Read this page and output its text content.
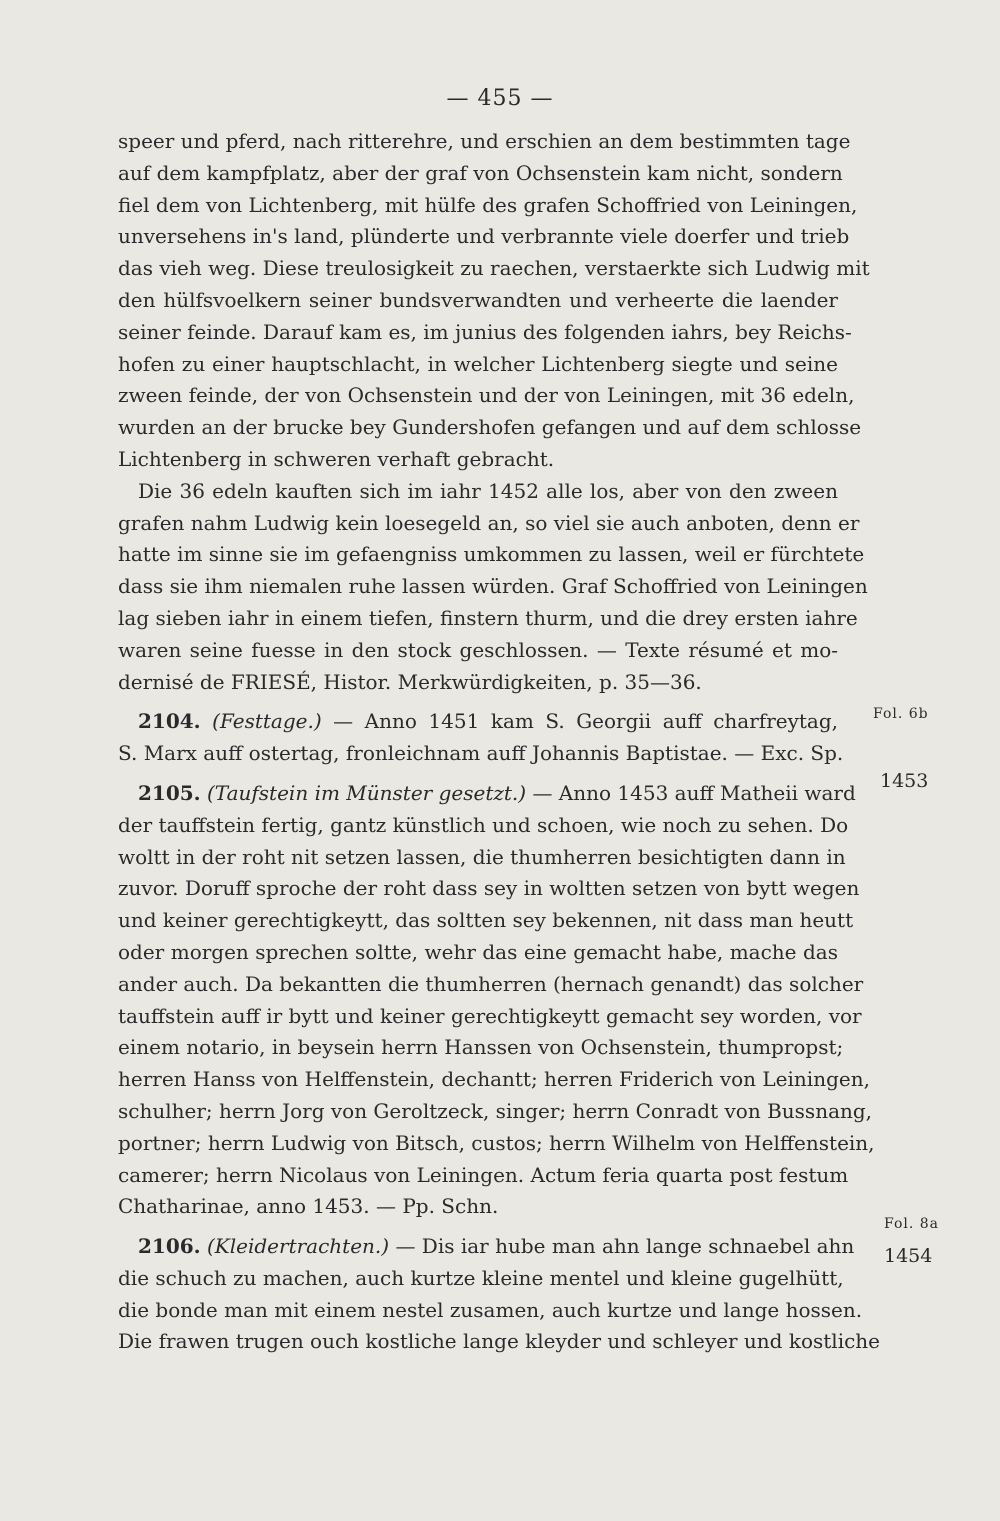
— 455 —
speer und pferd, nach ritterehre, und erschien an dem bestimmten tage
auf dem kampfplatz, aber der graf von Ochsenstein kam nicht, sondern
fiel dem von Lichtenberg, mit hülfe des grafen Schoffried von Leiningen,
unversehens in's land, plünderte und verbrannte viele doerfer und trieb
das vieh weg. Diese treulosigkeit zu raechen, verstaerkte sich Ludwig mit
den hülfsvoelkern seiner bundsverwandten und verheerte die laender
seiner feinde. Darauf kam es, im junius des folgenden iahrs, bey Reichs-
hofen zu einer hauptschlacht, in welcher Lichtenberg siegte und seine
zween feinde, der von Ochsenstein und der von Leiningen, mit 36 edeln,
wurden an der brucke bey Gundershofen gefangen und auf dem schlosse
Lichtenberg in schweren verhaft gebracht.
Die 36 edeln kauften sich im iahr 1452 alle los, aber von den zween
grafen nahm Ludwig kein loesegeld an, so viel sie auch anboten, denn er
hatte im sinne sie im gefaengniss umkommen zu lassen, weil er fürchtete
dass sie ihm niemalen ruhe lassen würden. Graf Schoffried von Leiningen
lag sieben iahr in einem tiefen, finstern thurm, und die drey ersten iahre
waren seine fuesse in den stock geschlossen. — Texte résumé et mo-
dernisé de FRIESÉ, Histor. Merkwürdigkeiten, p. 35—36.
2104. (Festtage.) — Anno 1451 kam S. Georgii auff charfreytag,
S. Marx auff ostertag, fronleichnam auff Johannis Baptistae. — Exc. Sp.
2105. (Taufstein im Münster gesetzt.) — Anno 1453 auff Matheii ward
der tauffstein fertig, gantz künstlich und schoen, wie noch zu sehen. Do
woltt in der roht nit setzen lassen, die thumherren besichtigten dann in
zuvor. Doruff sproche der roht dass sey in woltten setzen von bytt wegen
und keiner gerechtigkeytt, das soltten sey bekennen, nit dass man heutt
oder morgen sprechen soltte, wehr das eine gemacht habe, mache das
ander auch. Da bekantten die thumherren (hernach genandt) das solcher
tauffstein auff ir bytt und keiner gerechtigkeytt gemacht sey worden, vor
einem notario, in beysein herrn Hanssen von Ochsenstein, thumpropst;
herren Hanss von Helffenstein, dechantt; herren Friderich von Leiningen,
schulher; herrn Jorg von Geroltzeck, singer; herrn Conradt von Bussnang,
portner; herrn Ludwig von Bitsch, custos; herrn Wilhelm von Helffenstein,
camerer; herrn Nicolaus von Leiningen. Actum feria quarta post festum
Chatharinae, anno 1453. — Pp. Schn.
2106. (Kleidertrachten.) — Dis iar hube man ahn lange schnaebel ahn
die schuch zu machen, auch kurtze kleine mentel und kleine gugelhütt,
die bonde man mit einem nestel zusamen, auch kurtze und lange hossen.
Die frawen trugen ouch kostliche lange kleyder und schleyer und kostliche
Fol. 6b
1453
Fol. 8a
1454
